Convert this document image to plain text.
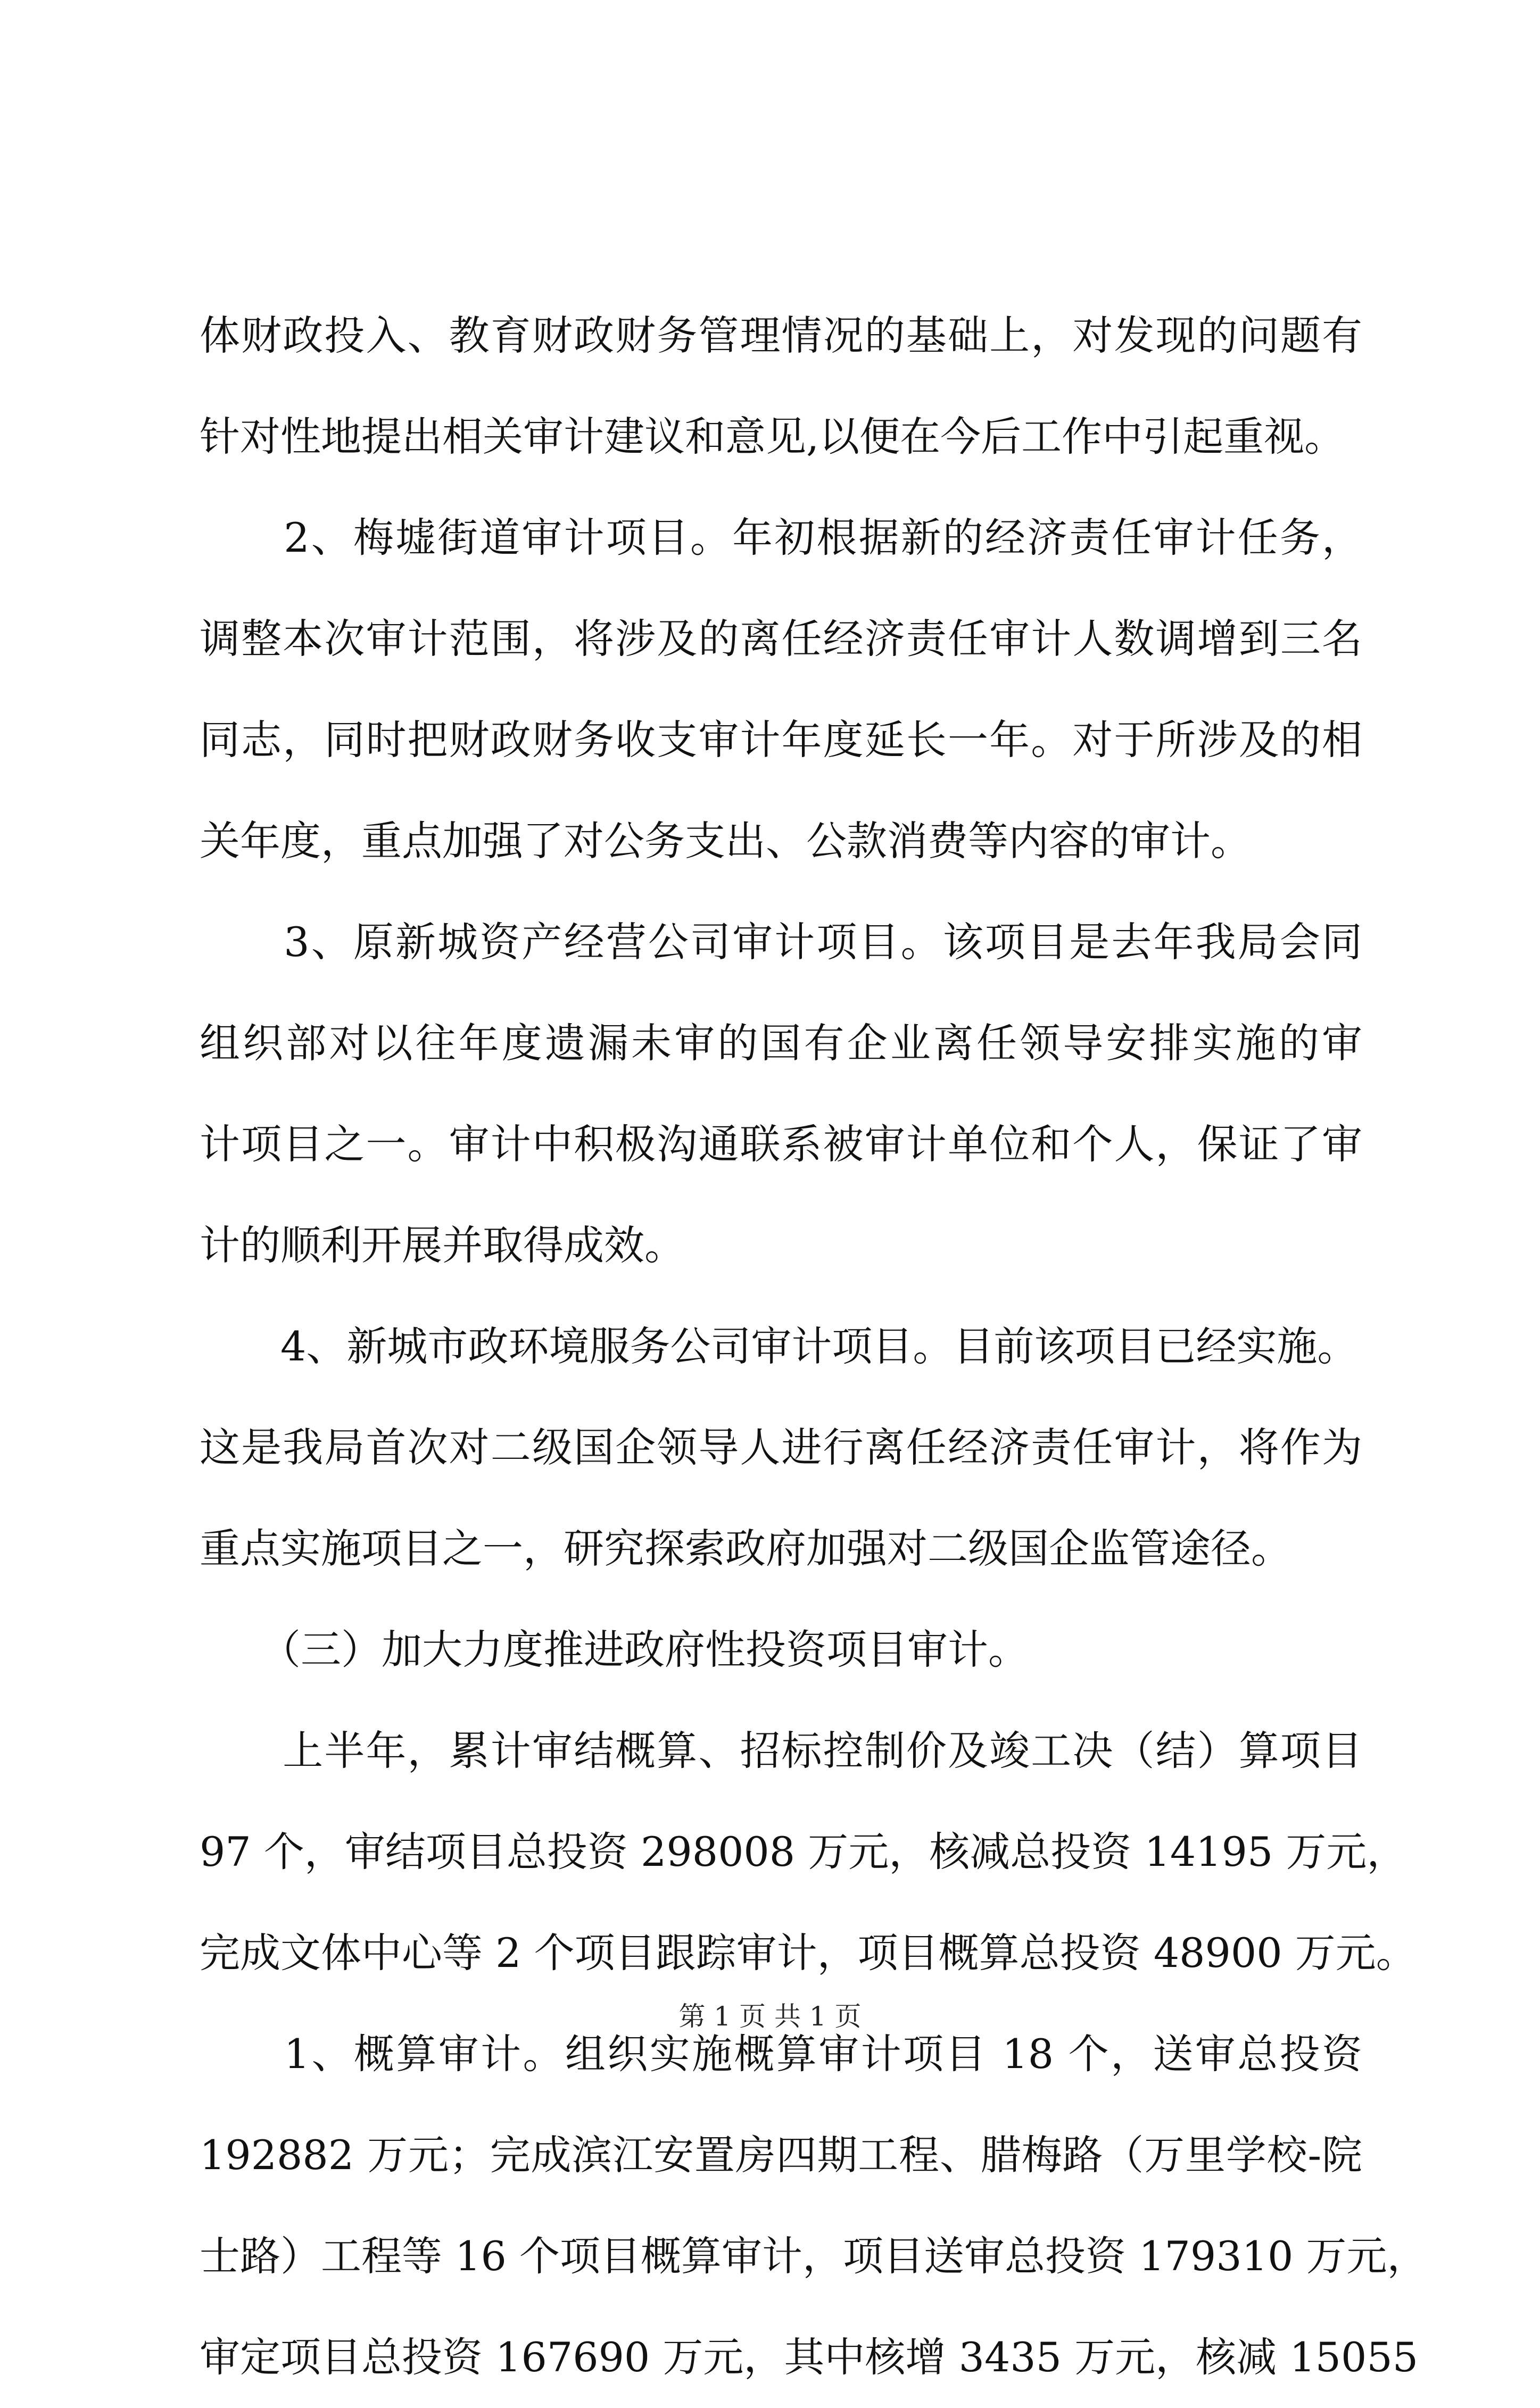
体财政投入、教育财政财务管理情况的基础上，对发现的问题有
针对性地提出相关审计建议和意见,以便在今后工作中引起重视。
　　2、梅墟街道审计项目。年初根据新的经济责任审计任务，
调整本次审计范围，将涉及的离任经济责任审计人数调增到三名
同志，同时把财政财务收支审计年度延长一年。对于所涉及的相
关年度，重点加强了对公务支出、公款消费等内容的审计。
　　3、原新城资产经营公司审计项目。该项目是去年我局会同
组织部对以往年度遗漏未审的国有企业离任领导安排实施的审
计项目之一。审计中积极沟通联系被审计单位和个人，保证了审
计的顺利开展并取得成效。
　　4、新城市政环境服务公司审计项目。目前该项目已经实施。
这是我局首次对二级国企领导人进行离任经济责任审计，将作为
重点实施项目之一，研究探索政府加强对二级国企监管途径。
　　（三）加大力度推进政府性投资项目审计。
　　上半年，累计审结概算、招标控制价及竣工决（结）算项目
97 个，审结项目总投资 298008 万元，核减总投资 14195 万元，
完成文体中心等 2 个项目跟踪审计，项目概算总投资 48900 万元。
　　1、概算审计。组织实施概算审计项目 18 个，送审总投资
192882 万元；完成滨江安置房四期工程、腊梅路（万里学校-院
士路）工程等 16 个项目概算审计，项目送审总投资 179310 万元，
审定项目总投资 167690 万元，其中核增 3435 万元，核减 15055
第 1 页 共 1 页
